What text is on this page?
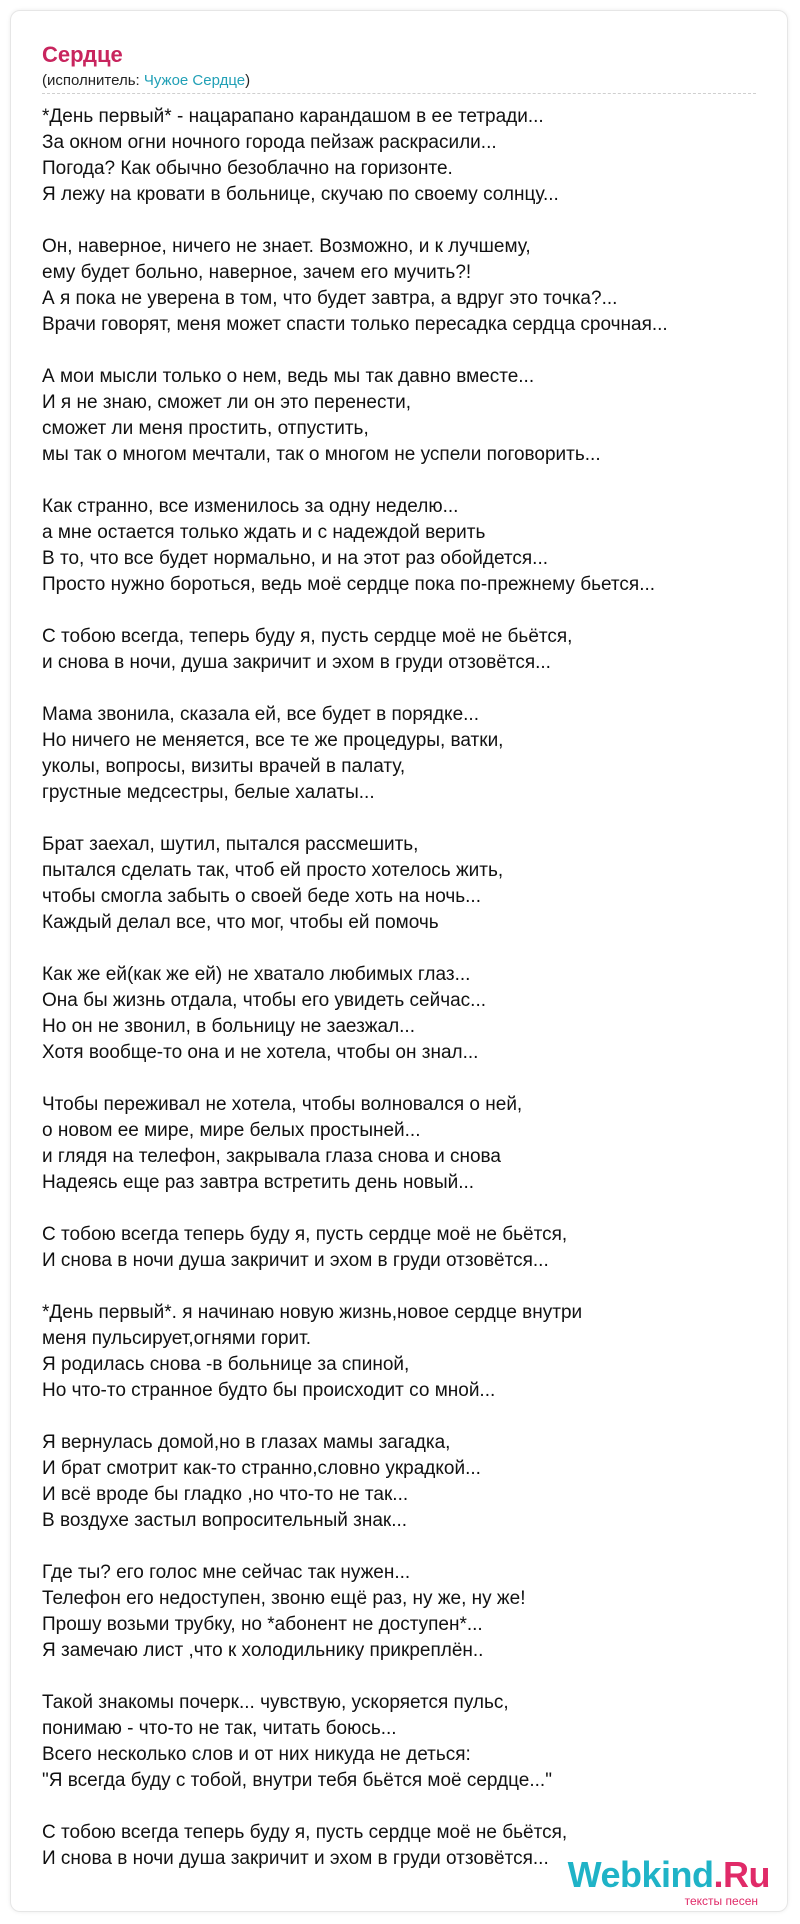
Сердце
(исполнитель: Чужое Сердце)
*День первый* - нацарапано карандашом в ее тетради...
За окном огни ночного города пейзаж раскрасили...
Погода? Как обычно безоблачно на горизонте.
Я лежу на кровати в больнице, скучаю по своему солнцу...
Он, наверное, ничего не знает. Возможно, и к лучшему,
ему будет больно, наверное, зачем его мучить?!
А я пока не уверена в том, что будет завтра, а вдруг это точка?...
Врачи говорят, меня может спасти только пересадка сердца срочная...
А мои мысли только о нем, ведь мы так давно вместе...
И я не знаю, сможет ли он это перенести,
сможет ли меня простить, отпустить,
мы так о многом мечтали, так о многом не успели поговорить...
Как странно, все изменилось за одну неделю...
а мне остается только ждать и с надеждой верить
В то, что все будет нормально, и на этот раз обойдется...
Просто нужно бороться, ведь моё сердце пока по-прежнему бьется...
С тобою всегда, теперь буду я, пусть сердце моё не бьётся,
и снова в ночи, душа закричит и эхом в груди отзовётся...
Мама звонила, сказала ей, все будет в порядке...
Но ничего не меняется, все те же процедуры, ватки,
уколы, вопросы, визиты врачей в палату,
грустные медсестры, белые халаты...
Брат заехал, шутил, пытался рассмешить,
пытался сделать так, чтоб ей просто хотелось жить,
чтобы смогла забыть о своей беде хоть на ночь...
Каждый делал все, что мог, чтобы ей помочь
Как же ей(как же ей) не хватало любимых глаз...
Она бы жизнь отдала, чтобы его увидеть сейчас...
Но он не звонил, в больницу не заезжал...
Хотя вообще-то она и не хотела, чтобы он знал...
Чтобы переживал не хотела, чтобы волновался о ней,
о новом ее мире, мире белых простыней...
и глядя на телефон, закрывала глаза снова и снова
Надеясь еще раз завтра встретить день новый...
С тобою всегда теперь буду я, пусть сердце моё не бьётся,
И снова в ночи душа закричит и эхом в груди отзовётся...
*День первый*. я начинаю новую жизнь,новое сердце внутри
меня пульсирует,огнями горит.
Я родилась снова -в больнице за спиной,
Но что-то странное будто бы происходит со мной...
Я вернулась домой,но в глазах мамы загадка,
И брат смотрит как-то странно,словно украдкой...
И всё вроде бы гладко ,но что-то не так...
В воздухе застыл вопросительный знак...
Где ты? его голос мне сейчас так нужен...
Телефон его недоступен, звоню ещё раз, ну же, ну же!
Прошу возьми трубку, но *абонент не доступен*...
Я замечаю лист ,что к холодильнику прикреплён..
Такой знакомы почерк... чувствую, ускоряется пульс,
понимаю - что-то не так, читать боюсь...
Всего несколько слов и от них никуда не деться:
"Я всегда буду с тобой, внутри тебя бьётся моё сердце..."
С тобою всегда теперь буду я, пусть сердце моё не бьётся,
И снова в ночи душа закричит и эхом в груди отзовётся... Webkind.Ru
тексты песен
